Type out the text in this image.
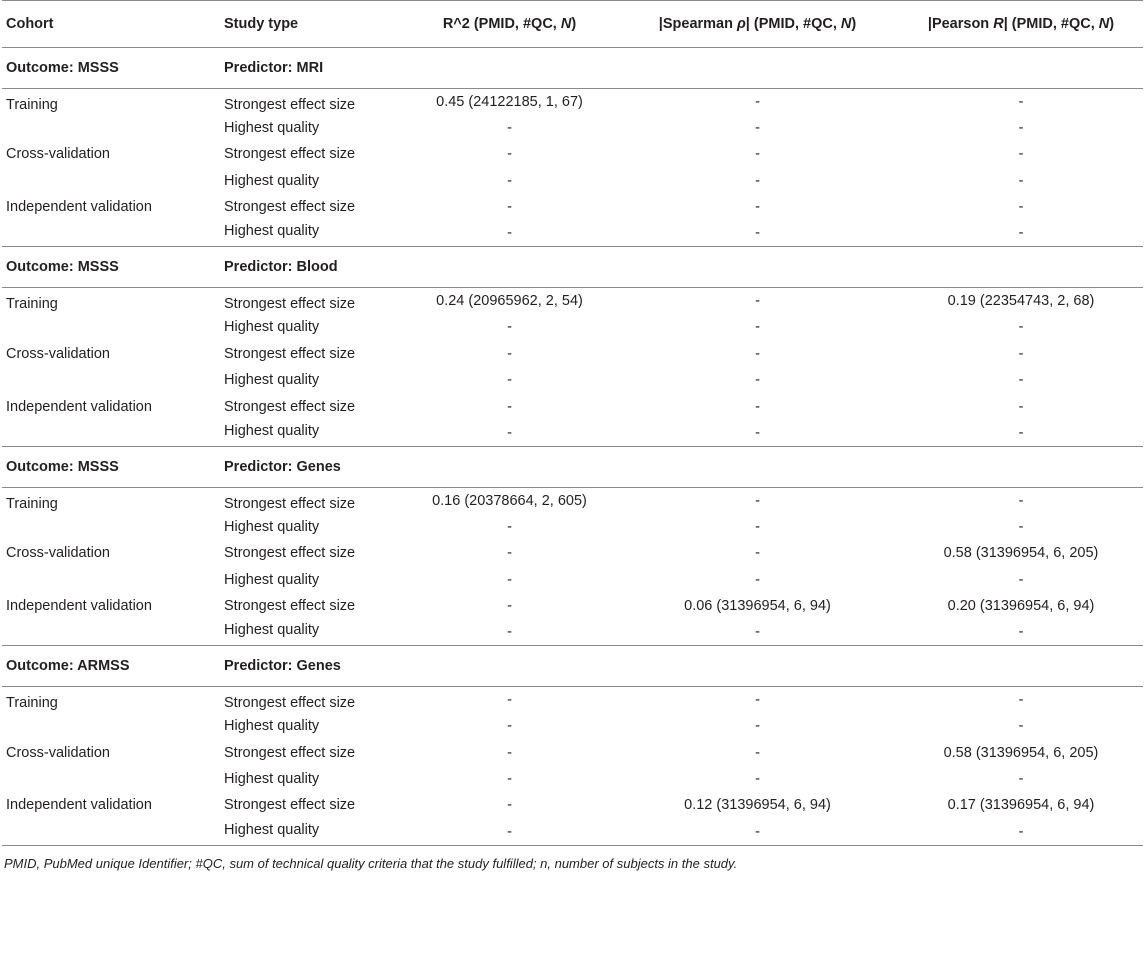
Cohort	Study type	R^2 (PMID, #QC, N)	|Spearman ρ| (PMID, #QC, N)	|Pearson R| (PMID, #QC, N)
Outcome: MSSS	Predictor: MRI			
Training	Strongest effect size	0.45 (24122185, 1, 67)	-	-
	Highest quality	-	-	-
Cross-validation	Strongest effect size	-	-	-
	Highest quality	-	-	-
Independent validation	Strongest effect size	-	-	-
	Highest quality	-	-	-
Outcome: MSSS	Predictor: Blood			
Training	Strongest effect size	0.24 (20965962, 2, 54)	-	0.19 (22354743, 2, 68)
	Highest quality	-	-	-
Cross-validation	Strongest effect size	-	-	-
	Highest quality	-	-	-
Independent validation	Strongest effect size	-	-	-
	Highest quality	-	-	-
Outcome: MSSS	Predictor: Genes			
Training	Strongest effect size	0.16 (20378664, 2, 605)	-	-
	Highest quality	-	-	-
Cross-validation	Strongest effect size	-	-	0.58 (31396954, 6, 205)
	Highest quality	-	-	-
Independent validation	Strongest effect size	-	0.06 (31396954, 6, 94)	0.20 (31396954, 6, 94)
	Highest quality	-	-	-
Outcome: ARMSS	Predictor: Genes			
Training	Strongest effect size	-	-	-
	Highest quality	-	-	-
Cross-validation	Strongest effect size	-	-	0.58 (31396954, 6, 205)
	Highest quality	-	-	-
Independent validation	Strongest effect size	-	0.12 (31396954, 6, 94)	0.17 (31396954, 6, 94)
	Highest quality	-	-	-
PMID, PubMed unique Identifier; #QC, sum of technical quality criteria that the study fulfilled; n, number of subjects in the study.
